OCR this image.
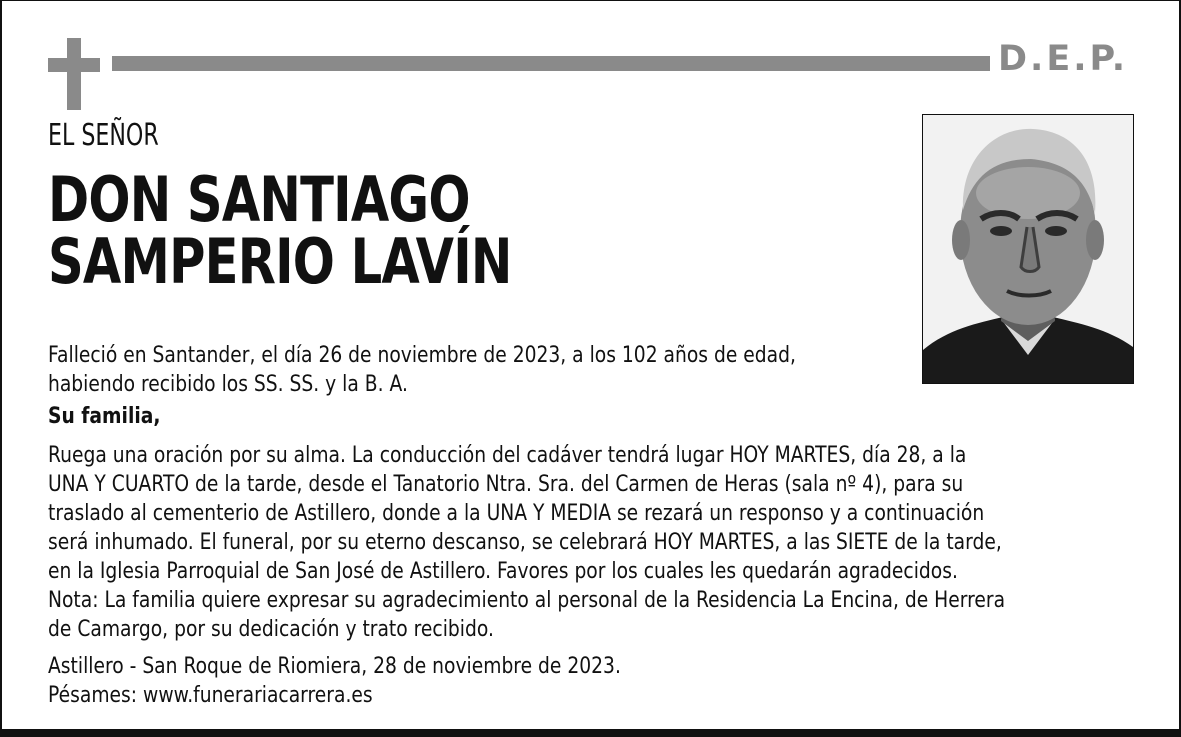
D.E.P.
EL SEÑOR
DON SANTIAGO
SAMPERIO LAVÍN
Falleció en Santander, el día 26 de noviembre de 2023, a los 102 años de edad,
habiendo recibido los SS. SS. y la B. A.
Su familia,
Ruega una oración por su alma. La conducción del cadáver tendrá lugar HOY MARTES, día 28, a la
UNA Y CUARTO de la tarde, desde el Tanatorio Ntra. Sra. del Carmen de Heras (sala nº 4), para su
traslado al cementerio de Astillero, donde a la UNA Y MEDIA se rezará un responso y a continuación
será inhumado. El funeral, por su eterno descanso, se celebrará HOY MARTES, a las SIETE de la tarde,
en la Iglesia Parroquial de San José de Astillero. Favores por los cuales les quedarán agradecidos.
Nota: La familia quiere expresar su agradecimiento al personal de la Residencia La Encina, de Herrera
de Camargo, por su dedicación y trato recibido.
Astillero - San Roque de Riomiera, 28 de noviembre de 2023.
Pésames: www.funerariacarrera.es
